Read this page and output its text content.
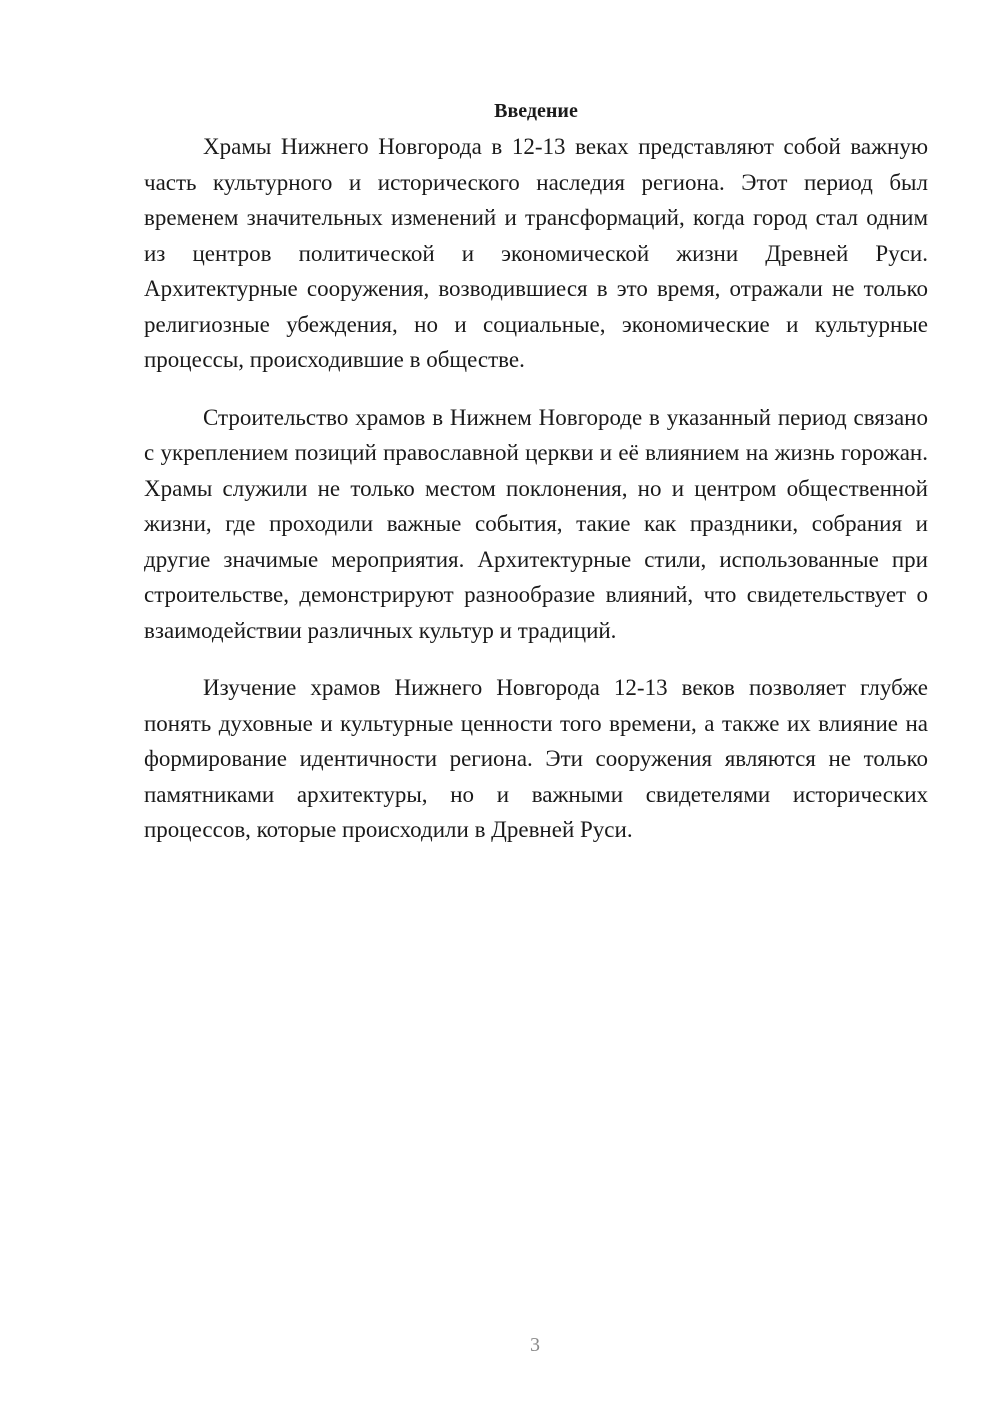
Введение

Храмы Нижнего Новгорода в 12-13 веках представляют собой важную часть культурного и исторического наследия региона. Этот период был временем значительных изменений и трансформаций, когда город стал одним из центров политической и экономической жизни Древней Руси. Архитектурные сооружения, возводившиеся в это время, отражали не только религиозные убеждения, но и социальные, экономические и культурные процессы, происходившие в обществе.

Строительство храмов в Нижнем Новгороде в указанный период связано с укреплением позиций православной церкви и её влиянием на жизнь горожан. Храмы служили не только местом поклонения, но и центром общественной жизни, где проходили важные события, такие как праздники, собрания и другие значимые мероприятия. Архитектурные стили, использованные при строительстве, демонстрируют разнообразие влияний, что свидетельствует о взаимодействии различных культур и традиций.

Изучение храмов Нижнего Новгорода 12-13 веков позволяет глубже понять духовные и культурные ценности того времени, а также их влияние на формирование идентичности региона. Эти сооружения являются не только памятниками архитектуры, но и важными свидетелями исторических процессов, которые происходили в Древней Руси.

3
